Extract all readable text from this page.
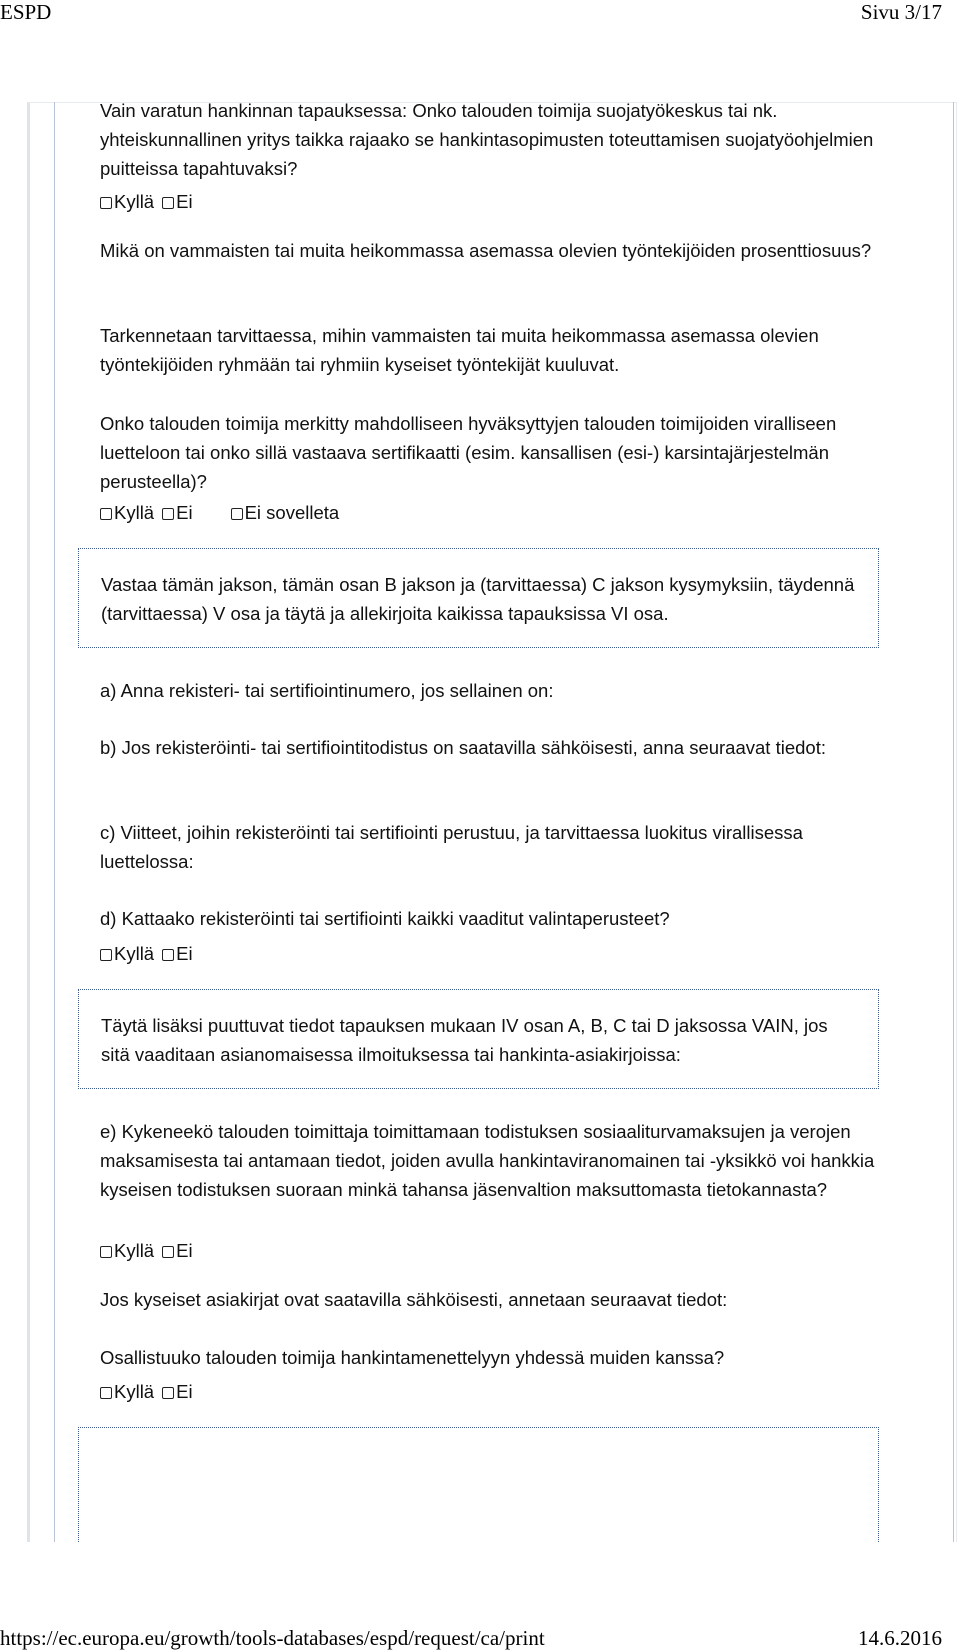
ESPD	Sivu 3/17
Vain varatun hankinnan tapauksessa: Onko talouden toimija suojatyökeskus tai nk. yhteiskunnallinen yritys taikka rajaako se hankintasopimusten toteuttamisen suojatyöohjelmien puitteissa tapahtuvaksi?
Kyllä Ei
Mikä on vammaisten tai muita heikommassa asemassa olevien työntekijöiden prosenttiosuus?
Tarkennetaan tarvittaessa, mihin vammaisten tai muita heikommassa asemassa olevien työntekijöiden ryhmään tai ryhmiin kyseiset työntekijät kuuluvat.
Onko talouden toimija merkitty mahdolliseen hyväksyttyjen talouden toimijoiden viralliseen luetteloon tai onko sillä vastaava sertifikaatti (esim. kansallisen (esi-) karsintajärjestelmän perusteella)?
Kyllä Ei	Ei sovelleta
Vastaa tämän jakson, tämän osan B jakson ja (tarvittaessa) C jakson kysymyksiin, täydennä (tarvittaessa) V osa ja täytä ja allekirjoita kaikissa tapauksissa VI osa.
a) Anna rekisteri- tai sertifiointinumero, jos sellainen on:
b) Jos rekisteröinti- tai sertifiointitodistus on saatavilla sähköisesti, anna seuraavat tiedot:
c) Viitteet, joihin rekisteröinti tai sertifiointi perustuu, ja tarvittaessa luokitus virallisessa luettelossa:
d) Kattaako rekisteröinti tai sertifiointi kaikki vaaditut valintaperusteet?
Kyllä Ei
Täytä lisäksi puuttuvat tiedot tapauksen mukaan IV osan A, B, C tai D jaksossa VAIN, jos sitä vaaditaan asianomaisessa ilmoituksessa tai hankinta-asiakirjoissa:
e) Kykeneekö talouden toimittaja toimittamaan todistuksen sosiaaliturvamaksujen ja verojen maksamisesta tai antamaan tiedot, joiden avulla hankintaviranomainen tai -yksikkö voi hankkia kyseisen todistuksen suoraan minkä tahansa jäsenvaltion maksuttomasta tietokannasta?
Kyllä Ei
Jos kyseiset asiakirjat ovat saatavilla sähköisesti, annetaan seuraavat tiedot:
Osallistuuko talouden toimija hankintamenettelyyn yhdessä muiden kanssa?
Kyllä Ei
https://ec.europa.eu/growth/tools-databases/espd/request/ca/print	14.6.2016
